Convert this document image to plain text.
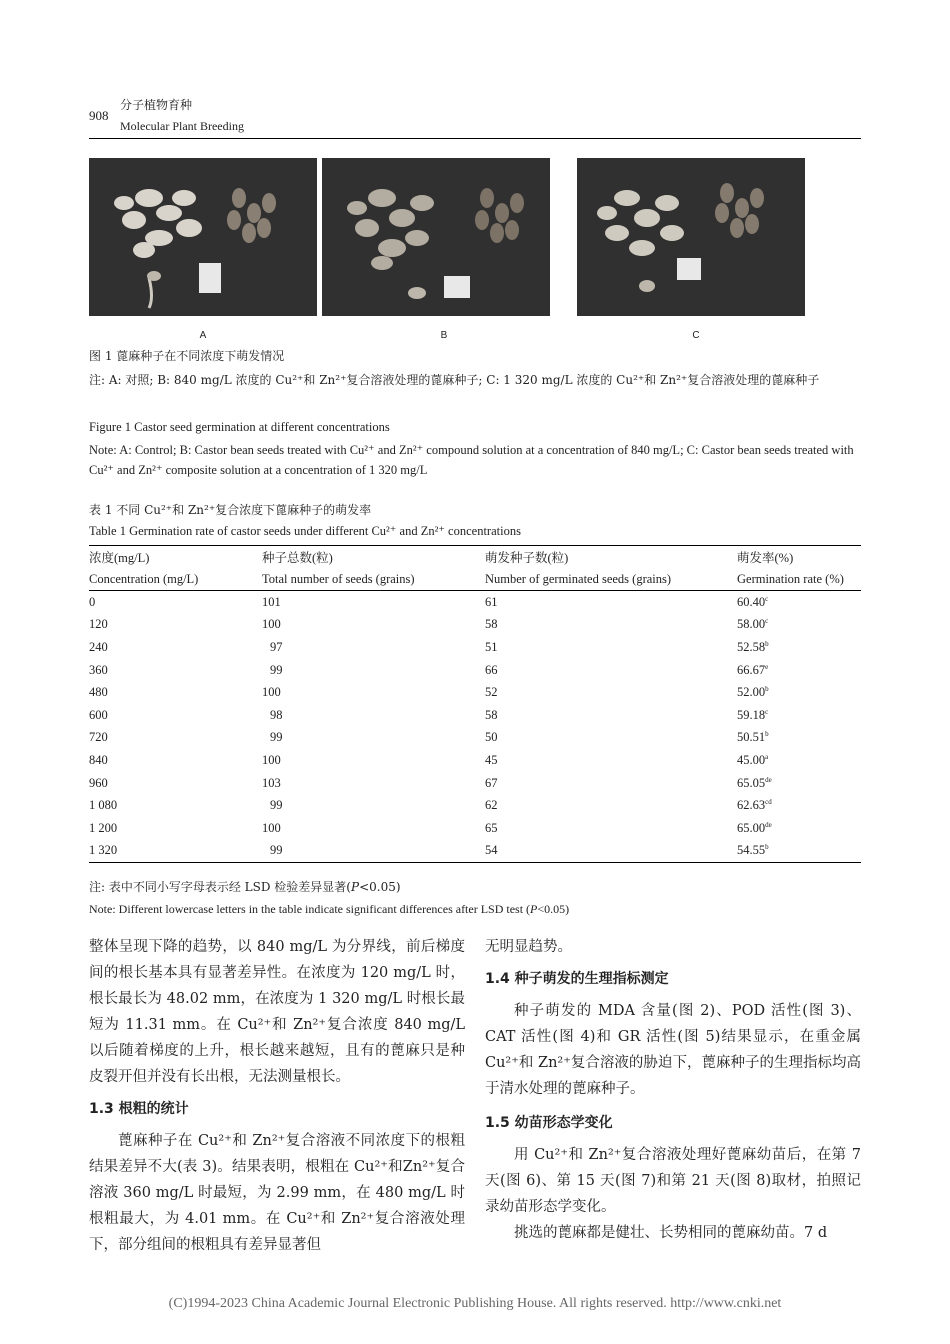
908
分子植物育种
Molecular Plant Breeding
A	B	C
图 1 蓖麻种子在不同浓度下萌发情况
注: A: 对照; B: 840 mg/L 浓度的 Cu²⁺和 Zn²⁺复合溶液处理的蓖麻种子; C: 1 320 mg/L 浓度的 Cu²⁺和 Zn²⁺复合溶液处理的蓖麻种子
Figure 1 Castor seed germination at different concentrations
Note: A: Control; B: Castor bean seeds treated with Cu²⁺ and Zn²⁺ compound solution at a concentration of 840 mg/L; C: Castor bean seeds treated with Cu²⁺ and Zn²⁺ composite solution at a concentration of 1 320 mg/L
表 1 不同 Cu²⁺和 Zn²⁺复合浓度下蓖麻种子的萌发率
Table 1 Germination rate of castor seeds under different Cu²⁺ and Zn²⁺ concentrations
浓度(mg/L)	种子总数(粒)	萌发种子数(粒)	萌发率(%)
Concentration (mg/L)	Total number of seeds (grains)	Number of germinated seeds (grains)	Germination rate (%)
0	101	61	60.40$^c$
120	100	58	58.00$^c$
240	97	51	52.58$^b$
360	99	66	66.67e
480	100	52	52.00$^b$
600	98	58	59.18$^c$
720	99	50	50.51$^b$
840	100	45	45.00$^a$
960	103	67	65.05de
1 080	99	62	62.63$^{cd}$
1 200	100	65	65.00de
1 320	99	54	54.55$^b$
注: 表中不同小写字母表示经 LSD 检验差异显著(P<0.05)
Note: Different lowercase letters in the table indicate significant differences after LSD test (P<0.05)

整体呈现下降的趋势，以 840 mg/L 为分界线，前后梯度间的根长基本具有显著差异性。在浓度为 120 mg/L 时，根长最长为 48.02 mm，在浓度为 1 320 mg/L 时根长最短为 11.31 mm。在 Cu²⁺和 Zn²⁺复合浓度 840 mg/L 以后随着梯度的上升，根长越来越短，且有的蓖麻只是种皮裂开但并没有长出根，无法测量根长。

1.3 根粗的统计

蓖麻种子在 Cu²⁺和 Zn²⁺复合溶液不同浓度下的根粗结果差异不大(表 3)。结果表明，根粗在 Cu²⁺和Zn²⁺复合溶液 360 mg/L 时最短，为 2.99 mm，在 480 mg/L 时根粗最大，为 4.01 mm。在 Cu²⁺和 Zn²⁺复合溶液处理下，部分组间的根粗具有差异显著但

无明显趋势。

1.4 种子萌发的生理指标测定

种子萌发的 MDA 含量(图 2)、POD 活性(图 3)、CAT 活性(图 4)和 GR 活性(图 5)结果显示，在重金属 Cu²⁺和 Zn²⁺复合溶液的胁迫下，蓖麻种子的生理指标均高于清水处理的蓖麻种子。

1.5 幼苗形态学变化

用 Cu²⁺和 Zn²⁺复合溶液处理好蓖麻幼苗后，在第 7 天(图 6)、第 15 天(图 7)和第 21 天(图 8)取材，拍照记录幼苗形态学变化。

挑选的蓖麻都是健壮、长势相同的蓖麻幼苗。7 d

(C)1994-2023 China Academic Journal Electronic Publishing House. All rights reserved. http://www.cnki.net
